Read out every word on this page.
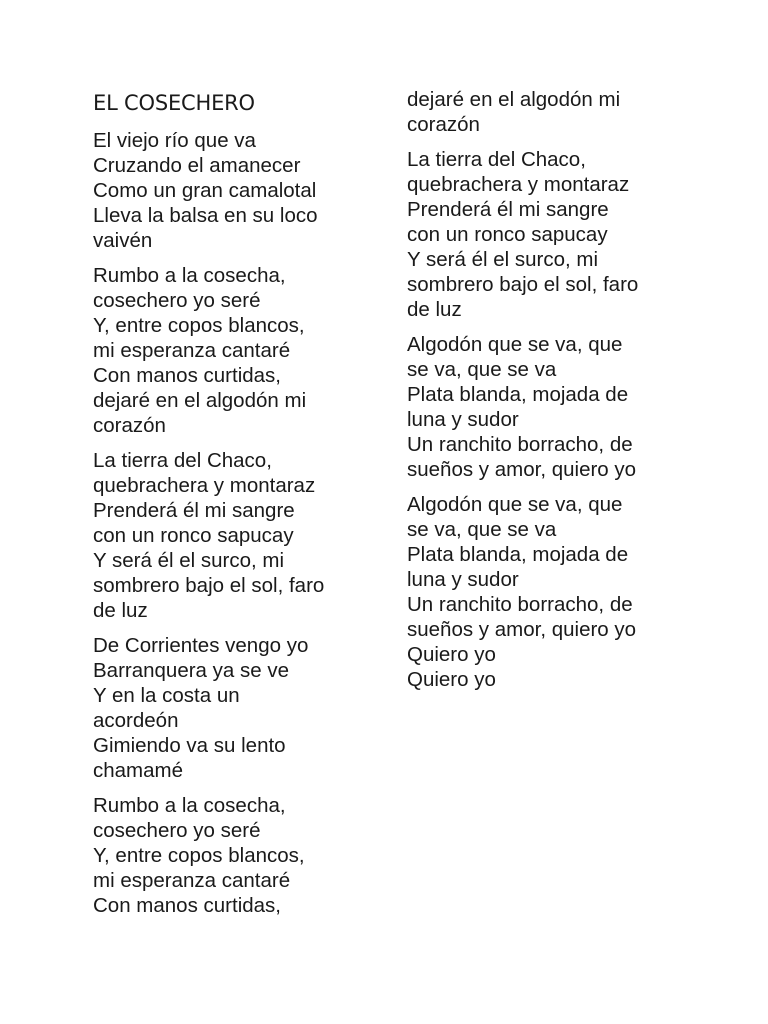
EL COSECHERO
El viejo río que va
Cruzando el amanecer
Como un gran camalotal
Lleva la balsa en su loco
vaivén
Rumbo a la cosecha,
cosechero yo seré
Y, entre copos blancos,
mi esperanza cantaré
Con manos curtidas,
dejaré en el algodón mi
corazón
La tierra del Chaco,
quebrachera y montaraz
Prenderá él mi sangre
con un ronco sapucay
Y será él el surco, mi
sombrero bajo el sol, faro
de luz
De Corrientes vengo yo
Barranquera ya se ve
Y en la costa un
acordeón
Gimiendo va su lento
chamamé
Rumbo a la cosecha,
cosechero yo seré
Y, entre copos blancos,
mi esperanza cantaré
Con manos curtidas,
dejaré en el algodón mi
corazón
La tierra del Chaco,
quebrachera y montaraz
Prenderá él mi sangre
con un ronco sapucay
Y será él el surco, mi
sombrero bajo el sol, faro
de luz
Algodón que se va, que
se va, que se va
Plata blanda, mojada de
luna y sudor
Un ranchito borracho, de
sueños y amor, quiero yo
Algodón que se va, que
se va, que se va
Plata blanda, mojada de
luna y sudor
Un ranchito borracho, de
sueños y amor, quiero yo
Quiero yo
Quiero yo
